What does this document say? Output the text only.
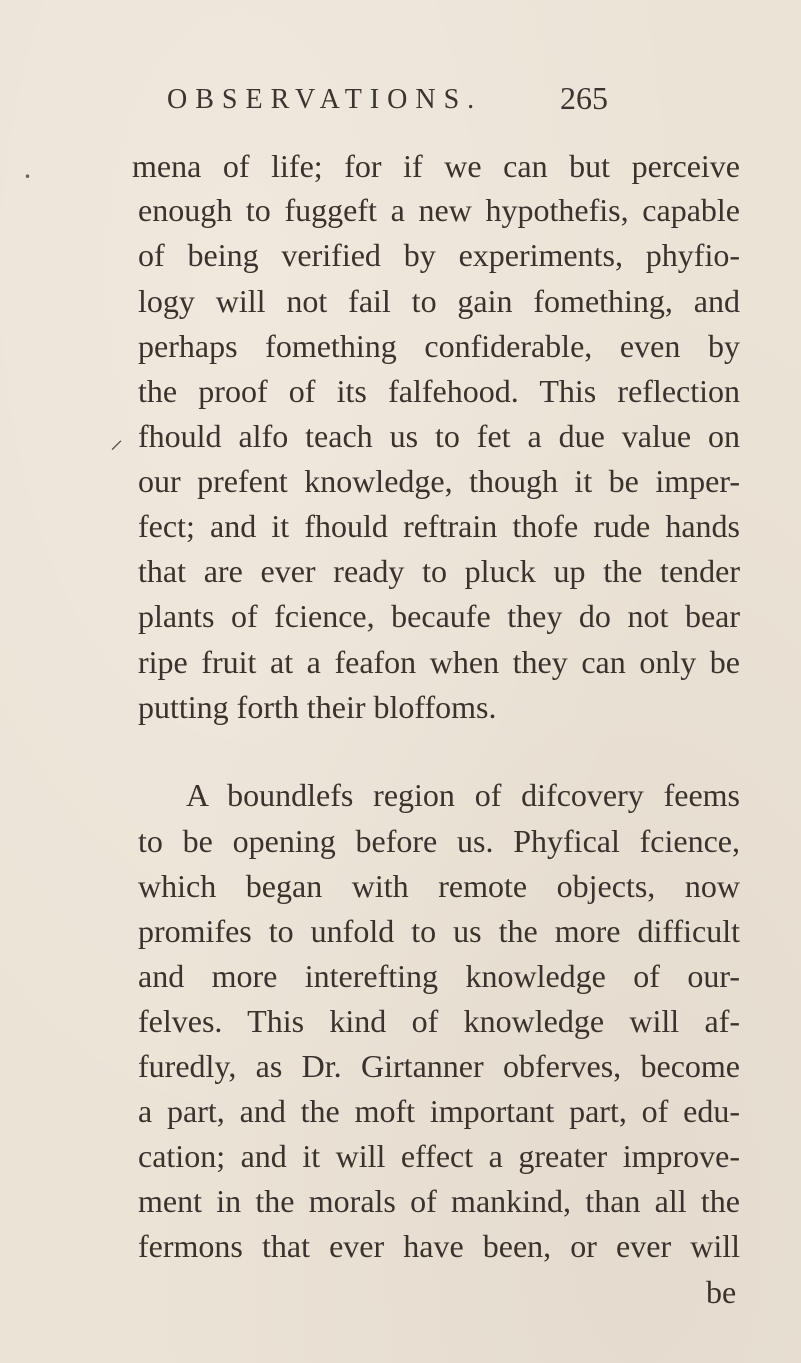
OBSERVATIONS. 265
mena of life; for if we can but perceive
enough to fuggeft a new hypothefis, capable
of being verified by experiments, phyfio-
logy will not fail to gain fomething, and
perhaps fomething confiderable, even by
the proof of its falfehood. This reflection
fhould alfo teach us to fet a due value on
our prefent knowledge, though it be imper-
fect; and it fhould reftrain thofe rude hands
that are ever ready to pluck up the tender
plants of fcience, becaufe they do not bear
ripe fruit at a feafon when they can only be
putting forth their bloffoms.
A boundlefs region of difcovery feems
to be opening before us. Phyfical fcience,
which began with remote objects, now
promifes to unfold to us the more difficult
and more interefting knowledge of our-
felves. This kind of knowledge will af-
furedly, as Dr. Girtanner obferves, become
a part, and the moft important part, of edu-
cation; and it will effect a greater improve-
ment in the morals of mankind, than all the
fermons that ever have been, or ever will
be
•
⸝
